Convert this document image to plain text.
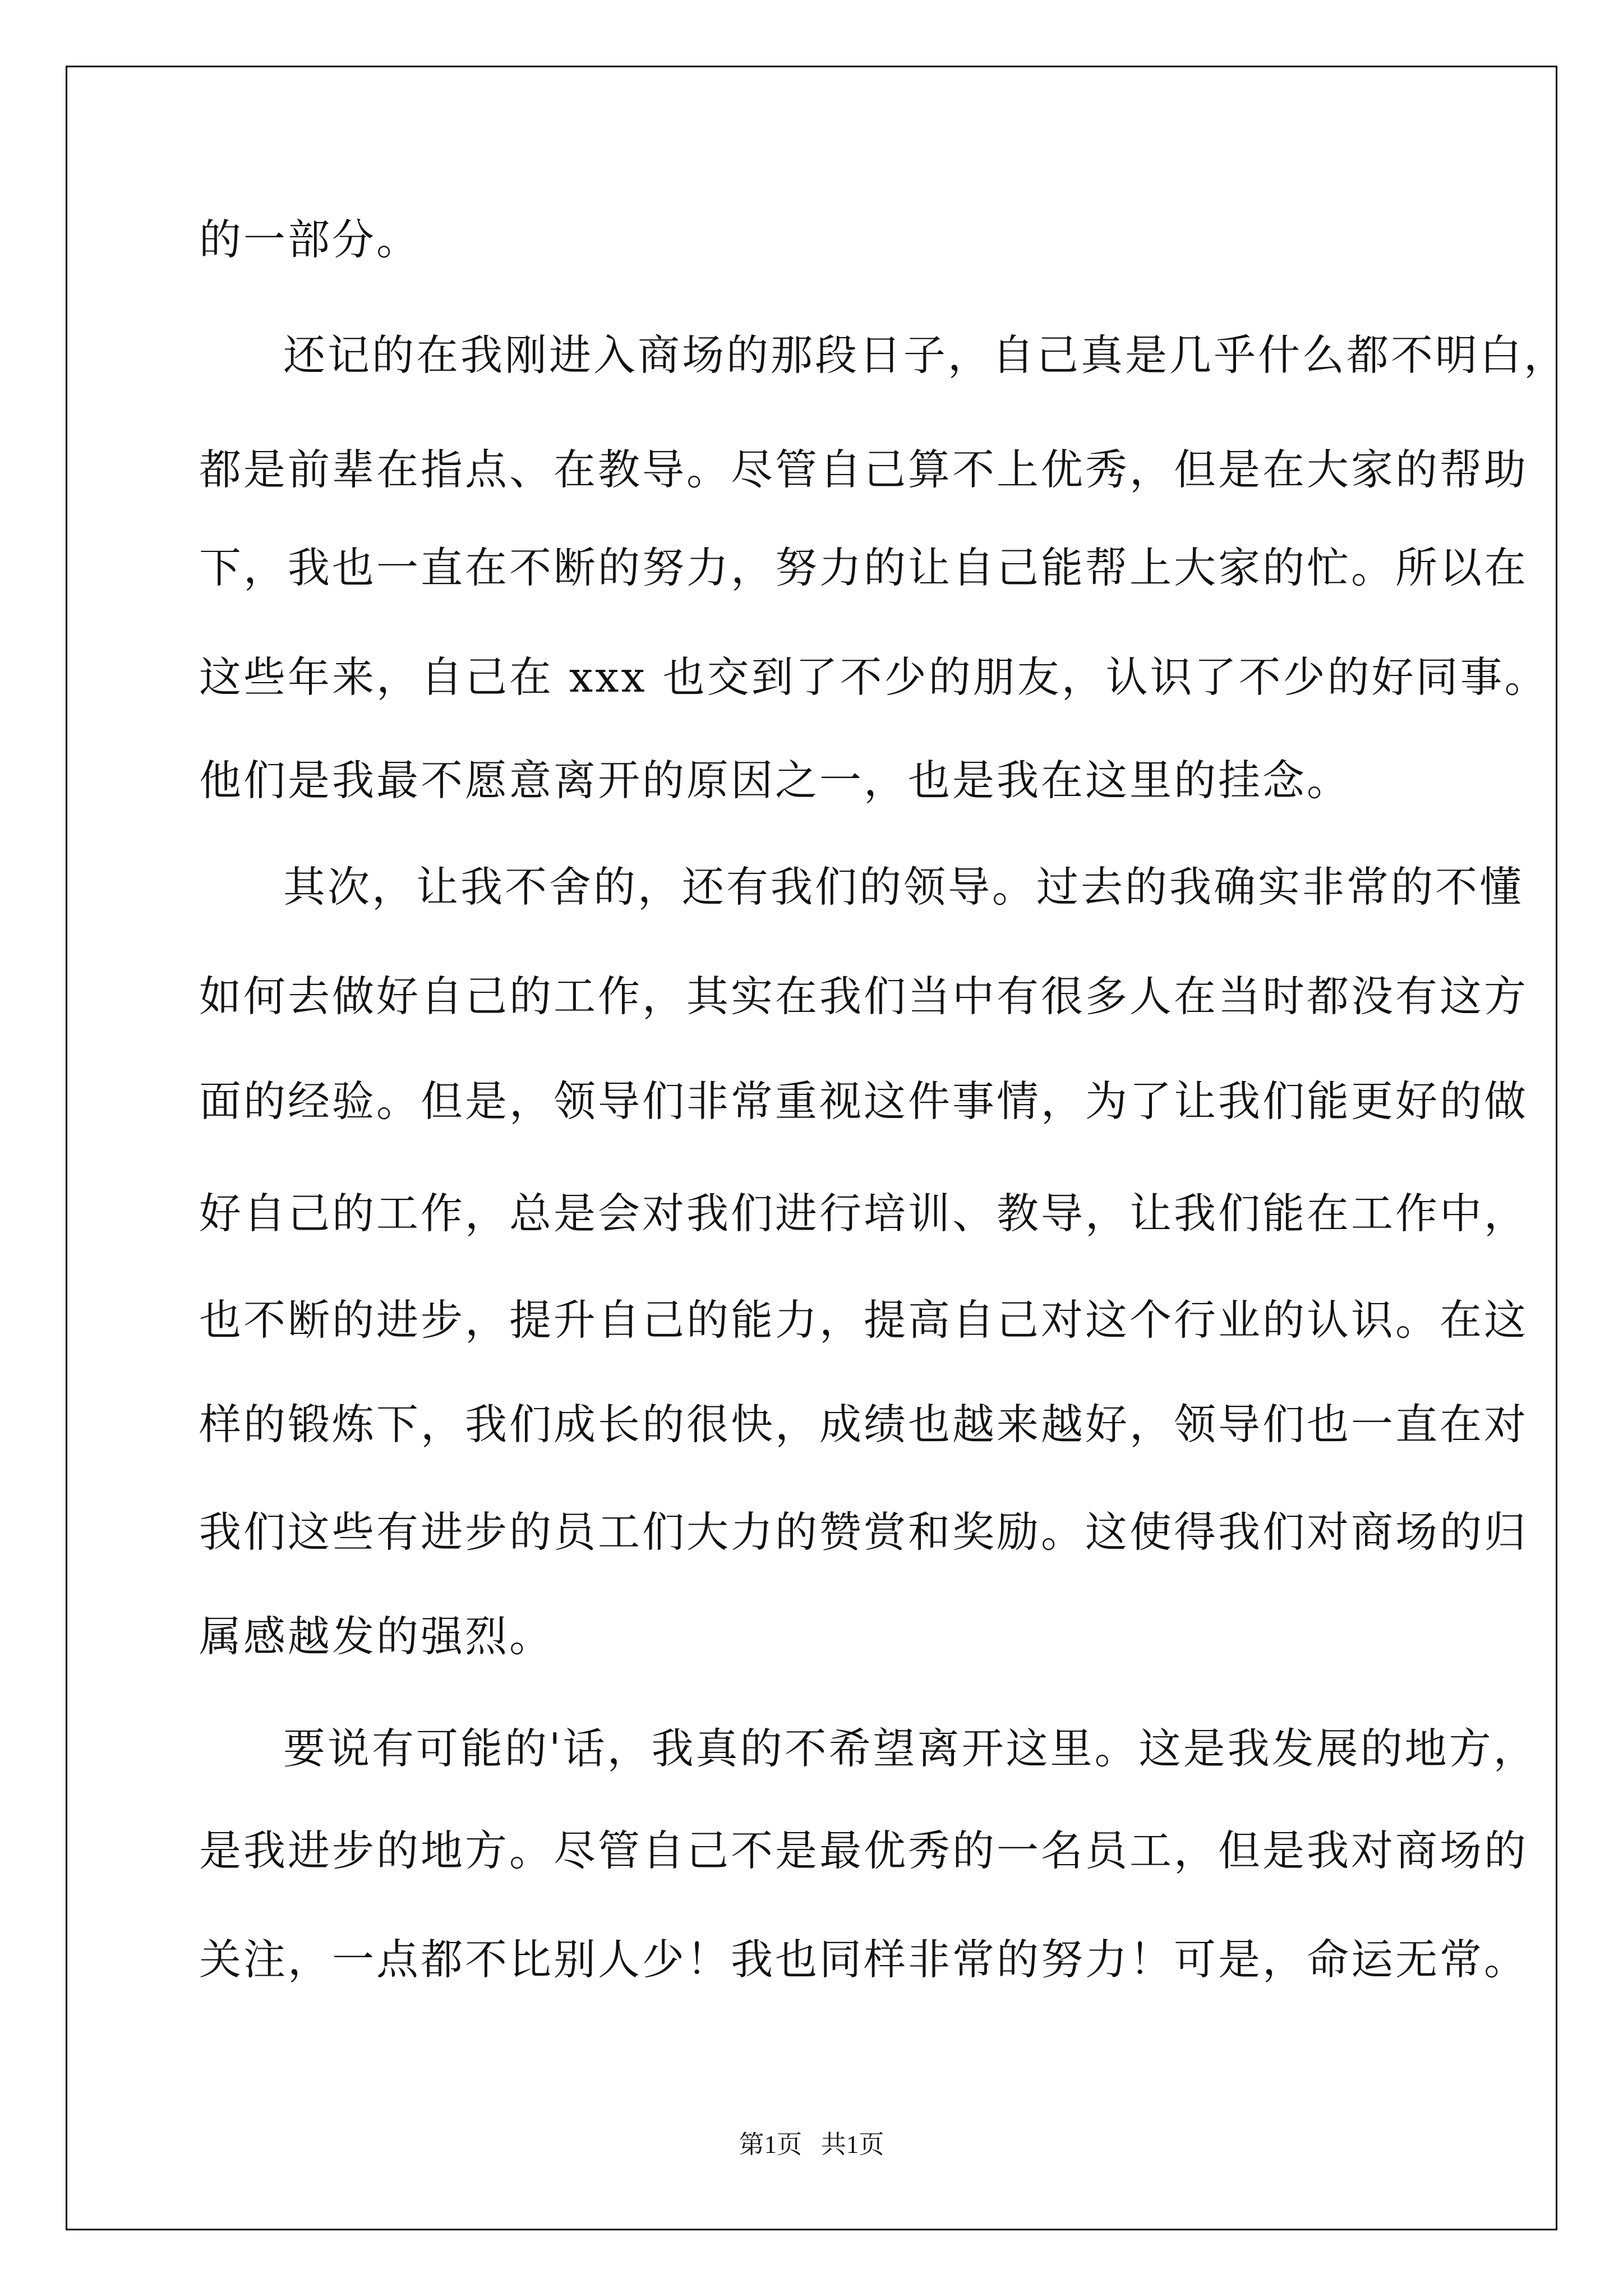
的一部分。
还记的在我刚进入商场的那段日子，自己真是几乎什么都不明白，
都是前辈在指点、在教导。尽管自己算不上优秀，但是在大家的帮助
下，我也一直在不断的努力，努力的让自己能帮上大家的忙。所以在
这些年来，自己在 xxx 也交到了不少的朋友，认识了不少的好同事。
他们是我最不愿意离开的原因之一，也是我在这里的挂念。
其次，让我不舍的，还有我们的领导。过去的我确实非常的不懂
如何去做好自己的工作，其实在我们当中有很多人在当时都没有这方
面的经验。但是，领导们非常重视这件事情，为了让我们能更好的做
好自己的工作，总是会对我们进行培训、教导，让我们能在工作中，
也不断的进步，提升自己的能力，提高自己对这个行业的认识。在这
样的锻炼下，我们成长的很快，成绩也越来越好，领导们也一直在对
我们这些有进步的员工们大力的赞赏和奖励。这使得我们对商场的归
属感越发的强烈。
要说有可能的'话，我真的不希望离开这里。这是我发展的地方，
是我进步的地方。尽管自己不是最优秀的一名员工，但是我对商场的
关注，一点都不比别人少！我也同样非常的努力！可是，命运无常。
第1页   共1页
